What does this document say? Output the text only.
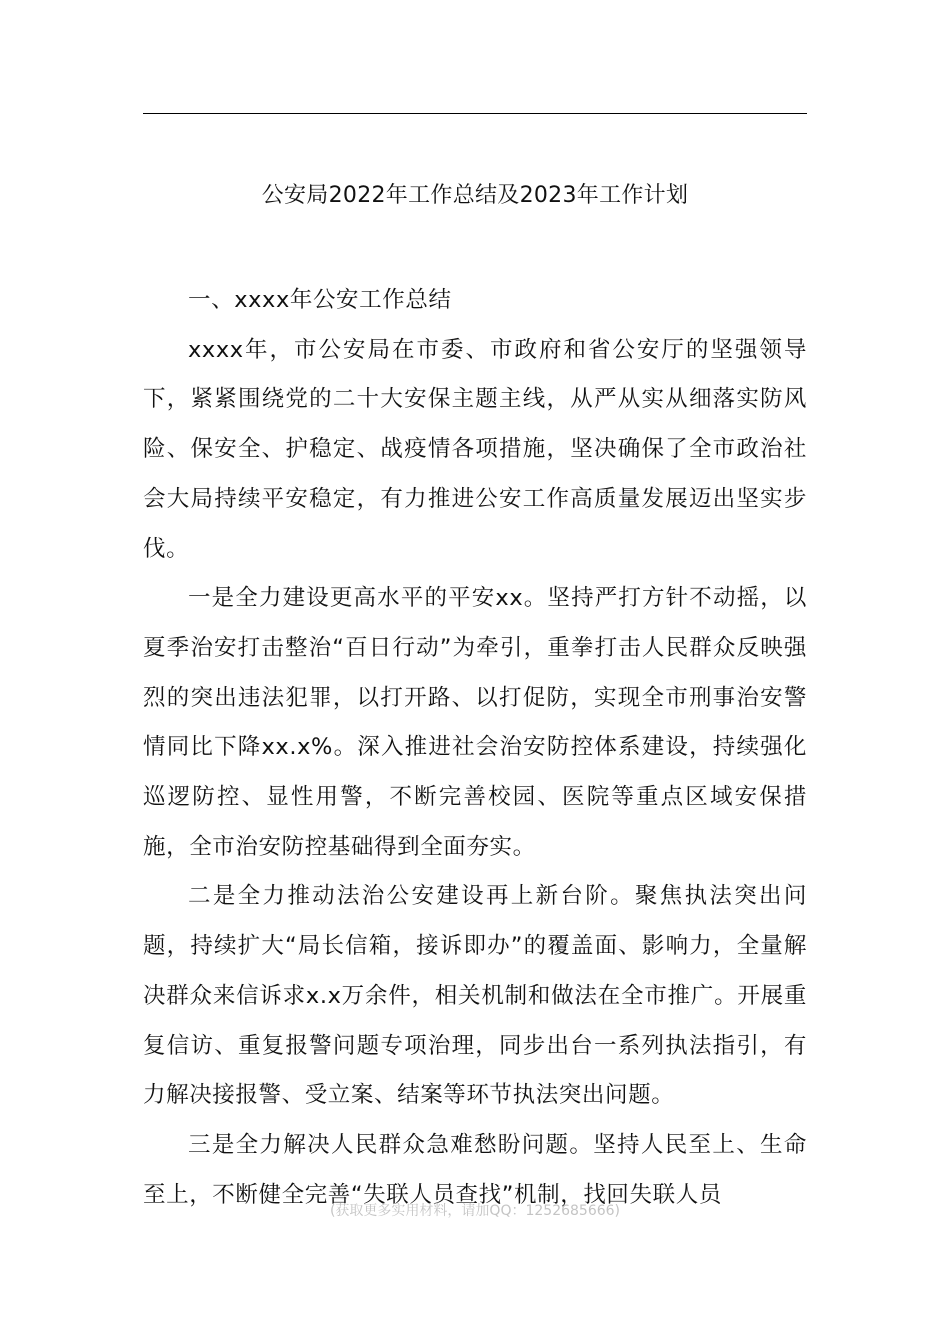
公安局2022年工作总结及2023年工作计划

一、xxxx年公安工作总结

xxxx年，市公安局在市委、市政府和省公安厅的坚强领导下，紧紧围绕党的二十大安保主题主线，从严从实从细落实防风险、保安全、护稳定、战疫情各项措施，坚决确保了全市政治社会大局持续平安稳定，有力推进公安工作高质量发展迈出坚实步伐。

一是全力建设更高水平的平安xx。坚持严打方针不动摇，以夏季治安打击整治“百日行动”为牵引，重拳打击人民群众反映强烈的突出违法犯罪，以打开路、以打促防，实现全市刑事治安警情同比下降xx.x%。深入推进社会治安防控体系建设，持续强化巡逻防控、显性用警，不断完善校园、医院等重点区域安保措施，全市治安防控基础得到全面夯实。

二是全力推动法治公安建设再上新台阶。聚焦执法突出问题，持续扩大“局长信箱，接诉即办”的覆盖面、影响力，全量解决群众来信诉求x.x万余件，相关机制和做法在全市推广。开展重复信访、重复报警问题专项治理，同步出台一系列执法指引，有力解决接报警、受立案、结案等环节执法突出问题。

三是全力解决人民群众急难愁盼问题。坚持人民至上、生命至上，不断健全完善“失联人员查找”机制，找回失联人员

(获取更多实用材料，请加QQ：1252685666)
